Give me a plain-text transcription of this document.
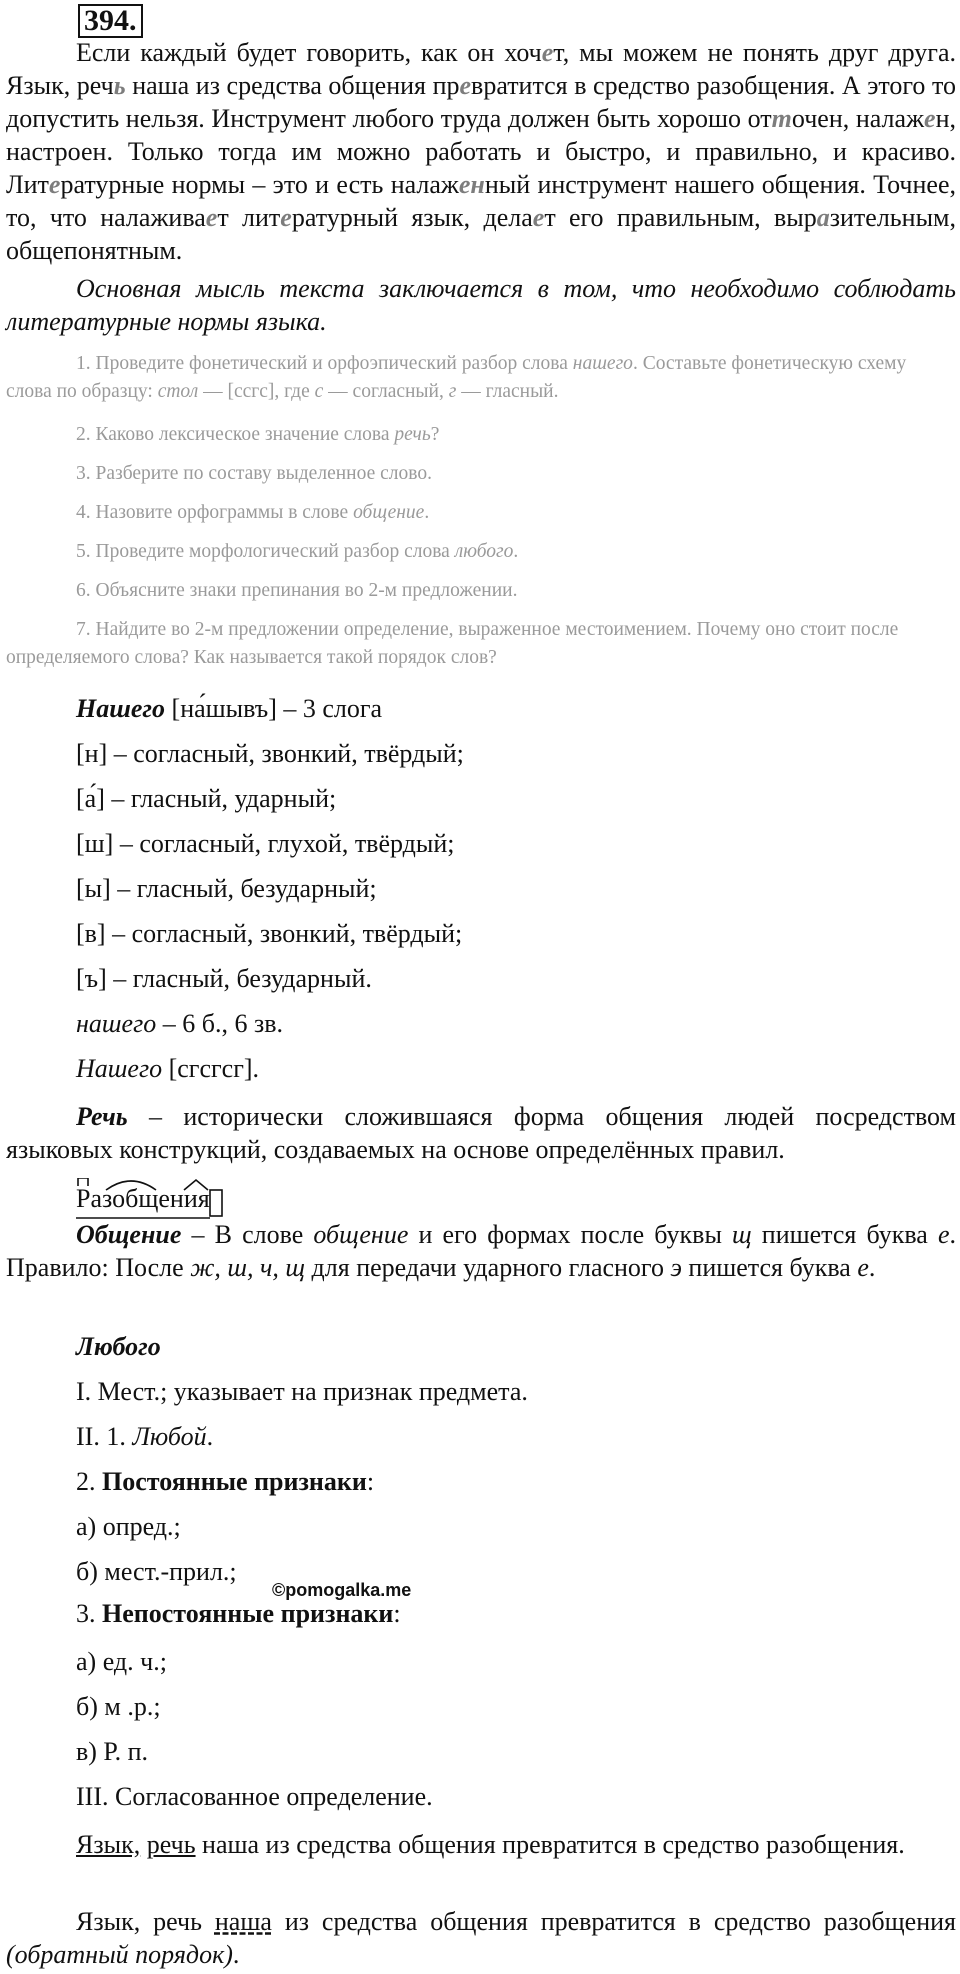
394.

Если каждый будет говорить, как он хочет, мы можем не понять друг друга. Язык, речь наша из средства общения превратится в средство разобщения. А этого то допустить нельзя. Инструмент любого труда должен быть хорошо отточен, налажен, настроен. Только тогда им можно работать и быстро, и правильно, и красиво. Литературные нормы – это и есть налаженный инструмент нашего общения. Точнее, то, что налаживает литературный язык, делает его правильным, выразительным, общепонятным.

Основная мысль текста заключается в том, что необходимо соблюдать литературные нормы языка.

1. Проведите фонетический и орфоэпический разбор слова нашего. Составьте фонетическую схему слова по образцу: стол — [ссгс], где с — согласный, г — гласный.
2. Каково лексическое значение слова речь?
3. Разберите по составу выделенное слово.
4. Назовите орфограммы в слове общение.
5. Проведите морфологический разбор слова любого.
6. Объясните знаки препинания во 2-м предложении.
7. Найдите во 2-м предложении определение, выраженное местоимением. Почему оно стоит после определяемого слова? Как называется такой порядок слов?
Нашего [на́шывъ] – 3 слога
[н] – согласный, звонкий, твёрдый;
[а́] – гласный, ударный;
[ш] – согласный, глухой, твёрдый;
[ы] – гласный, безударный;
[в] – согласный, звонкий, твёрдый;
[ъ] – гласный, безударный.
нашего – 6 б., 6 зв.
Нашего [сгсгсг].

Речь – исторически сложившаяся форма общения людей посредством языковых конструкций, создаваемых на основе определённых правил.

Разобщения

Общение – В слове общение и его формах после буквы щ пишется буква е. Правило: После ж, ш, ч, щ для передачи ударного гласного э пишется буква е.

Любого
I. Мест.; указывает на признак предмета.
II. 1. Любой.
2. Постоянные признаки:
а) опред.;
б) мест.-прил.;
©pomogalka.me
3. Непостоянные признаки:
а) ед. ч.;
б) м .р.;
в) Р. п.
III. Согласованное определение.

Язык, речь наша из средства общения превратится в средство разобщения.

Язык, речь наша из средства общения превратится в средство разобщения (обратный порядок).
